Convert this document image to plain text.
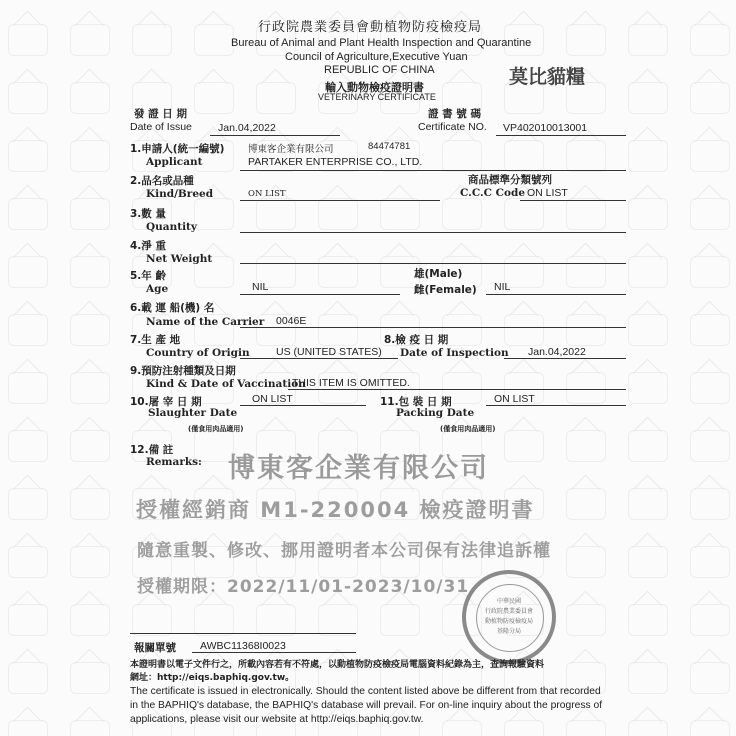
行政院農業委員會動植物防疫檢疫局
Bureau of Animal and Plant Health Inspection and Quarantine
Council of Agriculture,Executive Yuan
REPUBLIC OF CHINA	莫比貓糧
輸入動物檢疫證明書
VETERINARY CERTIFICATE
發 證 日 期
Date of Issue Jan.04,2022
證 書 號 碼
Certificate NO. VP402010013001
1.申請人(統一編號) 博東客企業有限公司	84474781
Applicant	PARTAKER ENTERPRISE CO., LTD.
2.品名或品種
Kind/Breed	ON LIST
商品標準分類號列
C.C.C Code ON LIST
3.數 量
Quantity
4.淨 重
Net Weight
5.年 齡
Age	NIL
雄(Male)
雌(Female) NIL
6.載 運 船(機) 名
Name of the Carrier 0046E
7.生 產 地
Country of Origin	US (UNITED STATES)
8.檢 疫 日 期
Date of Inspection Jan.04,2022
9.預防注射種類及日期
Kind & Date of Vaccination
THIS ITEM IS OMITTED.
10.屠 宰 日 期	ON LIST
Slaughter Date
(僅食用肉品適用)
11.包 裝 日 期	ON LIST
Packing Date
(僅食用肉品適用)
12.備 註
Remarks: 博東客企業有限公司
授權經銷商 M1-220004 檢疫證明書
隨意重製、修改、挪用證明者本公司保有法律追訴權
授權期限：2022/11/01-2023/10/31
中華民國
行政院農業委員會
動植物防疫檢疫局
基隆分局
報關單號 AWBC11368I0023
本證明書以電子文件行之，所載內容若有不符處，以動植物防疫檢疫局電腦資料紀錄為主，查詢報驗資料
網址：http://eiqs.baphiq.gov.tw。
The certificate is issued in electronically. Should the content listed above be different from that recorded
in the BAPHIQ's database, the BAPHIQ's database will prevail. For on-line inquiry about the progress of
applications, please visit our website at http://eiqs.baphiq.gov.tw.
